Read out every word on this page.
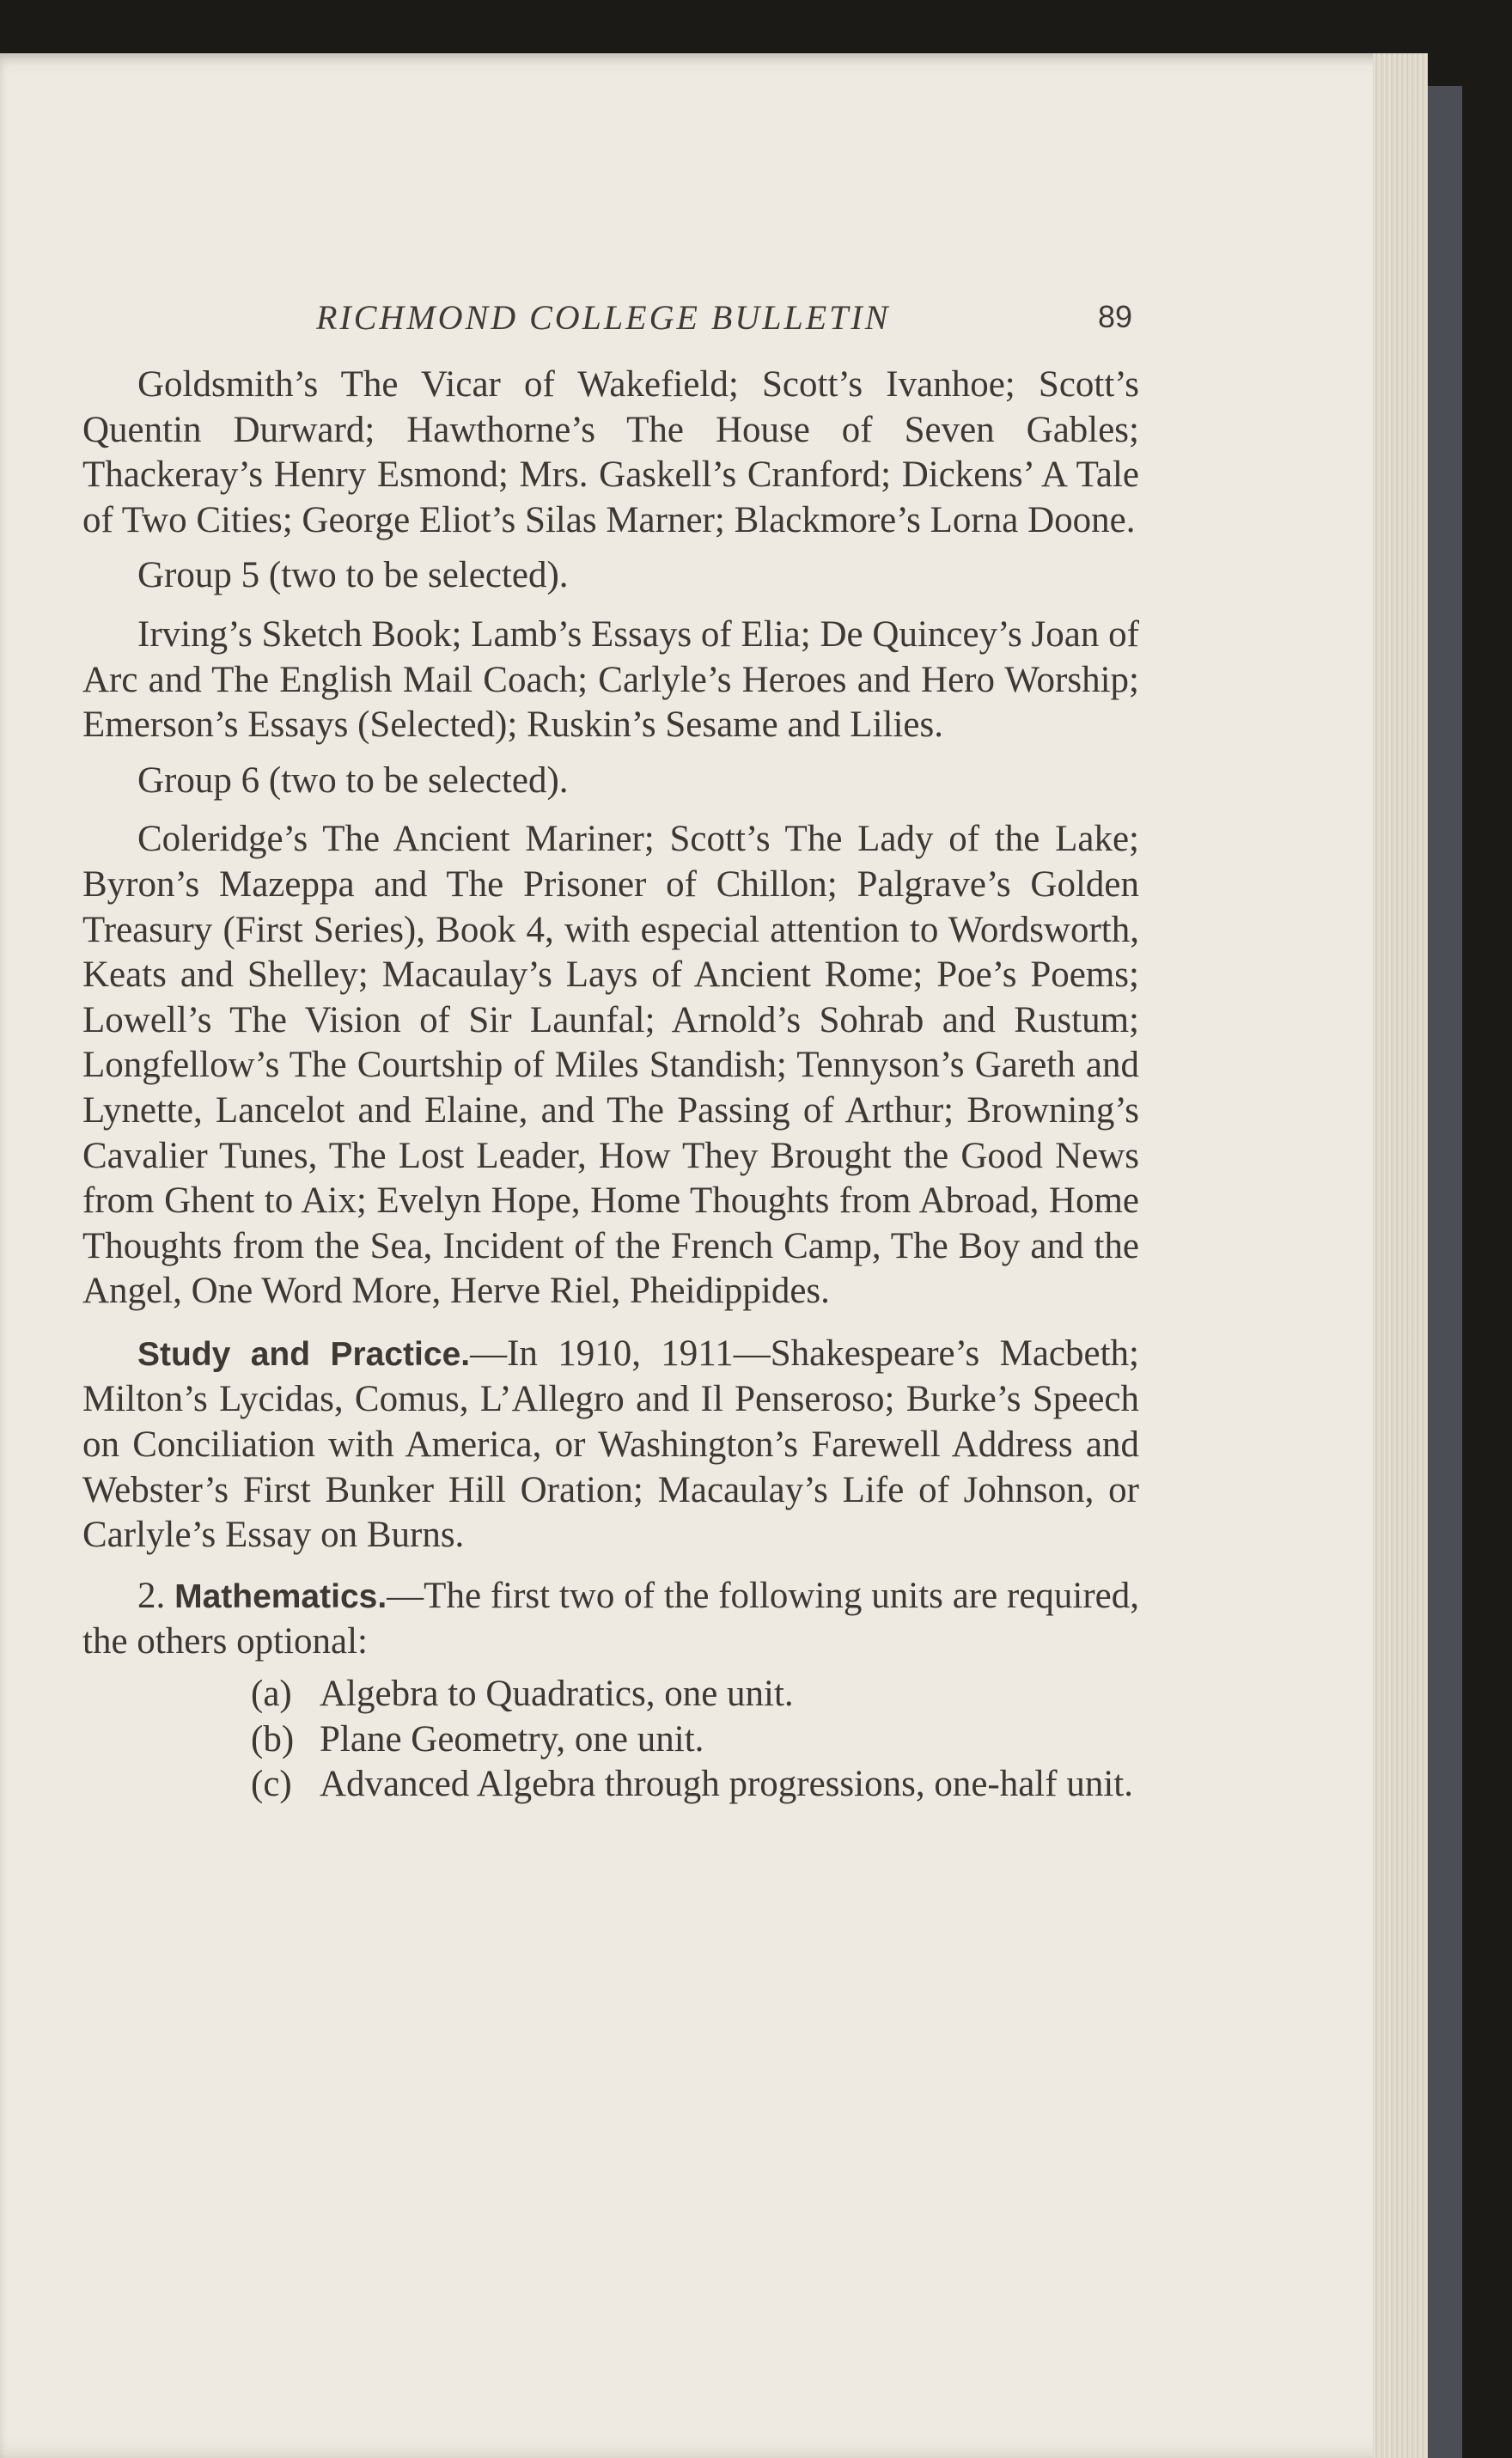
RICHMOND COLLEGE BULLETIN	89

Goldsmith’s The Vicar of Wakefield; Scott’s Ivanhoe; Scott’s Quentin Durward; Hawthorne’s The House of Seven Gables; Thackeray’s Henry Esmond; Mrs. Gaskell’s Cranford; Dickens’ A Tale of Two Cities; George Eliot’s Silas Marner; Blackmore’s Lorna Doone.

Group 5 (two to be selected).

Irving’s Sketch Book; Lamb’s Essays of Elia; De Quincey’s Joan of Arc and The English Mail Coach; Carlyle’s Heroes and Hero Worship; Emerson’s Essays (Selected); Ruskin’s Sesame and Lilies.

Group 6 (two to be selected).

Coleridge’s The Ancient Mariner; Scott’s The Lady of the Lake; Byron’s Mazeppa and The Prisoner of Chillon; Palgrave’s Golden Treasury (First Series), Book 4, with especial attention to Wordsworth, Keats and Shelley; Macaulay’s Lays of Ancient Rome; Poe’s Poems; Lowell’s The Vision of Sir Launfal; Arnold’s Sohrab and Rustum; Longfellow’s The Courtship of Miles Standish; Tennyson’s Gareth and Lynette, Lancelot and Elaine, and The Passing of Arthur; Browning’s Cavalier Tunes, The Lost Leader, How They Brought the Good News from Ghent to Aix; Evelyn Hope, Home Thoughts from Abroad, Home Thoughts from the Sea, Incident of the French Camp, The Boy and the Angel, One Word More, Herve Riel, Pheidippides.

Study and Practice.—In 1910, 1911—Shakespeare’s Macbeth; Milton’s Lycidas, Comus, L’Allegro and Il Penseroso; Burke’s Speech on Conciliation with America, or Washington’s Farewell Address and Webster’s First Bunker Hill Oration; Macaulay’s Life of Johnson, or Carlyle’s Essay on Burns.

2. Mathematics.—The first two of the following units are required, the others optional:

(a) Algebra to Quadratics, one unit.

(b) Plane Geometry, one unit.

(c) Advanced Algebra through progressions, one-half unit.
